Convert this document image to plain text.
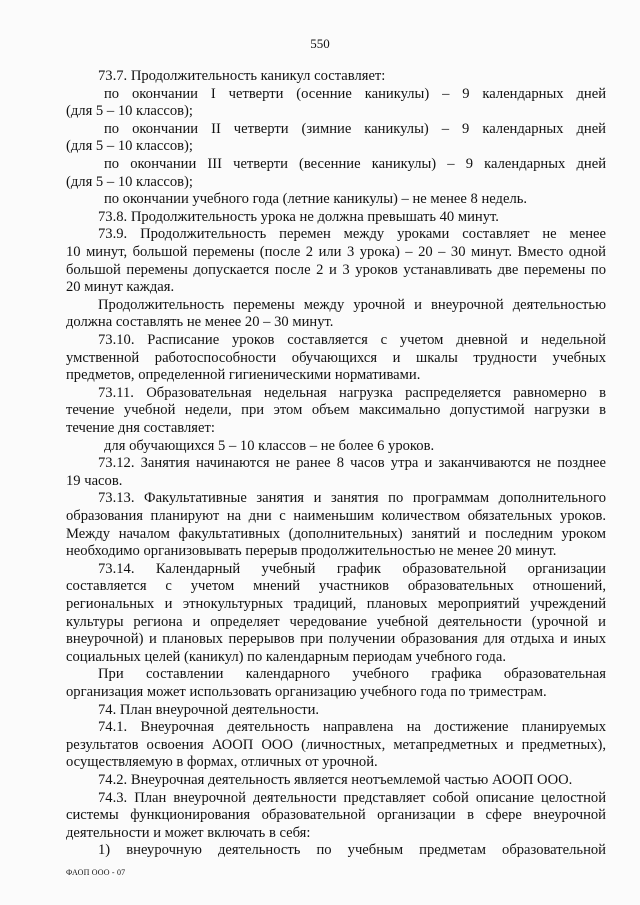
550
73.7. Продолжительность каникул составляет:
по окончании I четверти (осенние каникулы) – 9 календарных дней
(для 5 – 10 классов);
по окончании II четверти (зимние каникулы) – 9 календарных дней
(для 5 – 10 классов);
по окончании III четверти (весенние каникулы) – 9 календарных дней
(для 5 – 10 классов);
по окончании учебного года (летние каникулы) – не менее 8 недель.
73.8. Продолжительность урока не должна превышать 40 минут.
73.9. Продолжительность перемен между уроками составляет не менее
10 минут, большой перемены (после 2 или 3 урока) – 20 – 30 минут. Вместо одной
большой перемены допускается после 2 и 3 уроков устанавливать две перемены по
20 минут каждая.
Продолжительность перемены между урочной и внеурочной деятельностью
должна составлять не менее 20 – 30 минут.
73.10. Расписание уроков составляется с учетом дневной и недельной
умственной работоспособности обучающихся и шкалы трудности учебных
предметов, определенной гигиеническими нормативами.
73.11. Образовательная недельная нагрузка распределяется равномерно в
течение учебной недели, при этом объем максимально допустимой нагрузки в
течение дня составляет:
для обучающихся 5 – 10 классов – не более 6 уроков.
73.12. Занятия начинаются не ранее 8 часов утра и заканчиваются не позднее
19 часов.
73.13. Факультативные занятия и занятия по программам дополнительного
образования планируют на дни с наименьшим количеством обязательных уроков.
Между началом факультативных (дополнительных) занятий и последним уроком
необходимо организовывать перерыв продолжительностью не менее 20 минут.
73.14. Календарный учебный график образовательной организации
составляется с учетом мнений участников образовательных отношений,
региональных и этнокультурных традиций, плановых мероприятий учреждений
культуры региона и определяет чередование учебной деятельности (урочной и
внеурочной) и плановых перерывов при получении образования для отдыха и иных
социальных целей (каникул) по календарным периодам учебного года.
При составлении календарного учебного графика образовательная
организация может использовать организацию учебного года по триместрам.
74. План внеурочной деятельности.
74.1. Внеурочная деятельность направлена на достижение планируемых
результатов освоения АООП ООО (личностных, метапредметных и предметных),
осуществляемую в формах, отличных от урочной.
74.2. Внеурочная деятельность является неотъемлемой частью АООП ООО.
74.3. План внеурочной деятельности представляет собой описание целостной
системы функционирования образовательной организации в сфере внеурочной
деятельности и может включать в себя:
1) внеурочную деятельность по учебным предметам образовательной
ФАОП ООО - 07
